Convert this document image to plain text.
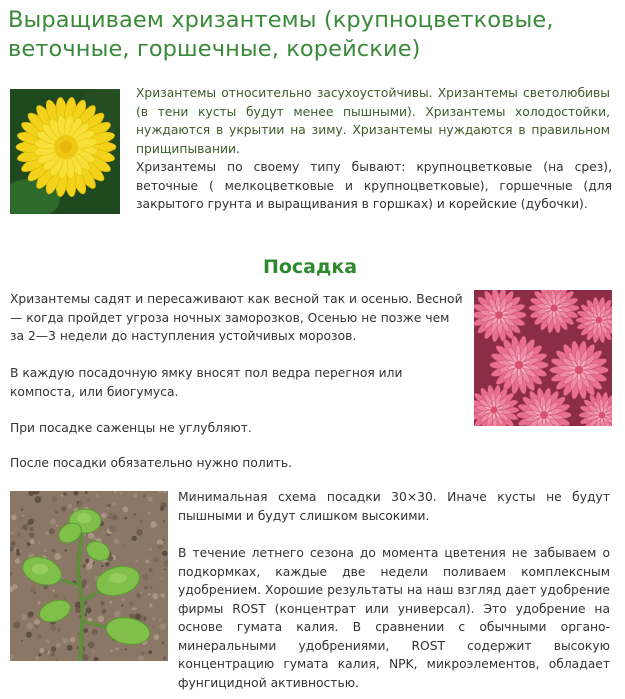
Выращиваем хризантемы (крупноцветковые, веточные, горшечные, корейские)

Хризантемы относительно засухоустойчивы. Хризантемы светолюбивы (в тени кусты будут менее пышными). Хризантемы холодостойки, нуждаются в укрытии на зиму. Хризантемы нуждаются в правильном прищипывании.

Хризантемы по своему типу бывают: крупноцветковые (на срез), веточные ( мелкоцветковые и крупноцветковые), горшечные (для закрытого грунта и выращивания в горшках) и корейские (дубочки).

Посадка

Хризантемы садят и пересаживают как весной так и осенью. Весной — когда пройдет угроза ночных заморозков, Осенью не позже чем за 2—3 недели до наступления устойчивых морозов.

В каждую посадочную ямку вносят пол ведра перегноя или компоста, или биогумуса.

При посадке саженцы не углубляют.

После посадки обязательно нужно полить.

Минимальная схема посадки 30×30. Иначе кусты не будут пышными и будут слишком высокими.

В течение летнего сезона до момента цветения не забываем о подкормках, каждые две недели поливаем комплексным удобрением. Хорошие результаты на наш взгляд дает удобрение фирмы ROST (концентрат или универсал). Это удобрение на основе гумата калия. В сравнении с обычными органо-минеральными удобрениями, ROST содержит высокую концентрацию гумата калия, NPK, микроэлементов, обладает фунгицидной активностью.
